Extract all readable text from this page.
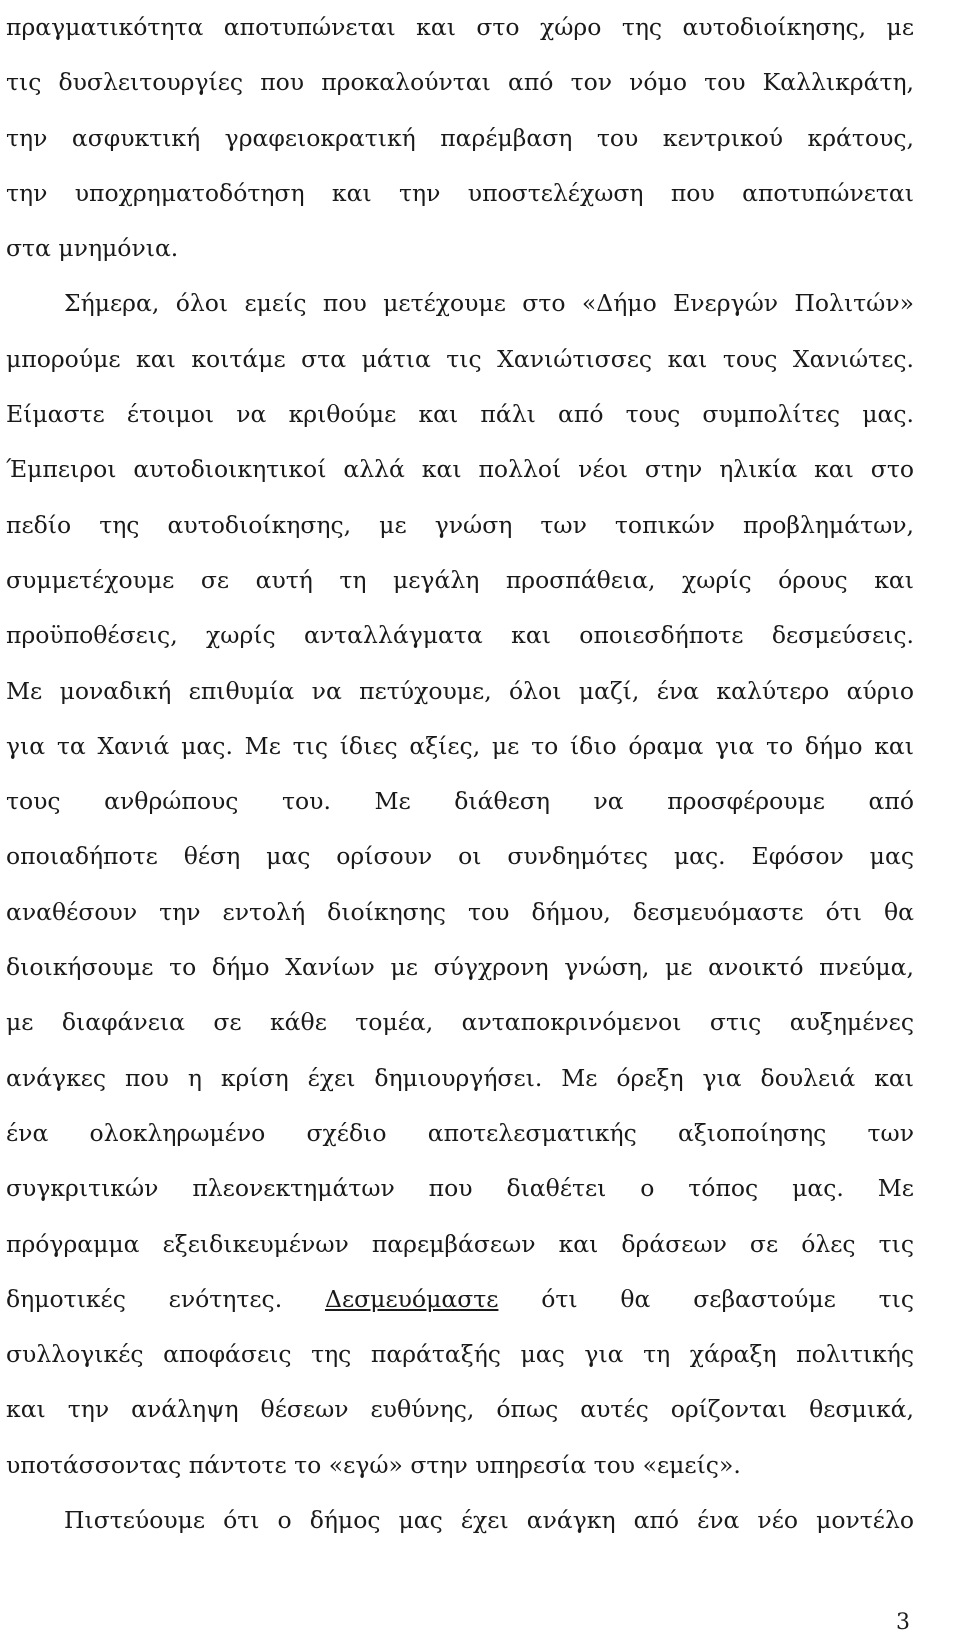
πραγματικότητα αποτυπώνεται και στο χώρο της αυτοδιοίκησης, με
τις δυσλειτουργίες που προκαλούνται από τον νόμο του Καλλικράτη,
την ασφυκτική γραφειοκρατική παρέμβαση του κεντρικού κράτους,
την υποχρηματοδότηση και την υποστελέχωση που αποτυπώνεται
στα μνημόνια.
Σήμερα, όλοι εμείς που μετέχουμε στο «Δήμο Ενεργών Πολιτών»
μπορούμε και κοιτάμε στα μάτια τις Χανιώτισσες και τους Χανιώτες.
Είμαστε έτοιμοι να κριθούμε και πάλι από τους συμπολίτες μας.
Έμπειροι αυτοδιοικητικοί αλλά και πολλοί νέοι στην ηλικία και στο
πεδίο της αυτοδιοίκησης, με γνώση των τοπικών προβλημάτων,
συμμετέχουμε σε αυτή τη μεγάλη προσπάθεια, χωρίς όρους και
προϋποθέσεις, χωρίς ανταλλάγματα και οποιεσδήποτε δεσμεύσεις.
Με μοναδική επιθυμία να πετύχουμε, όλοι μαζί, ένα καλύτερο αύριο
για τα Χανιά μας. Με τις ίδιες αξίες, με το ίδιο όραμα για το δήμο και
τους ανθρώπους του. Με διάθεση να προσφέρουμε από
οποιαδήποτε θέση μας ορίσουν οι συνδημότες μας. Εφόσον μας
αναθέσουν την εντολή διοίκησης του δήμου, δεσμευόμαστε ότι θα
διοικήσουμε το δήμο Χανίων με σύγχρονη γνώση, με ανοικτό πνεύμα,
με διαφάνεια σε κάθε τομέα, ανταποκρινόμενοι στις αυξημένες
ανάγκες που η κρίση έχει δημιουργήσει. Με όρεξη για δουλειά και
ένα ολοκληρωμένο σχέδιο αποτελεσματικής αξιοποίησης των
συγκριτικών πλεονεκτημάτων που διαθέτει ο τόπος μας. Με
πρόγραμμα εξειδικευμένων παρεμβάσεων και δράσεων σε όλες τις
δημοτικές ενότητες. Δεσμευόμαστε ότι θα σεβαστούμε τις
συλλογικές αποφάσεις της παράταξής μας για τη χάραξη πολιτικής
και την ανάληψη θέσεων ευθύνης, όπως αυτές ορίζονται θεσμικά,
υποτάσσοντας πάντοτε το «εγώ» στην υπηρεσία του «εμείς».
Πιστεύουμε ότι ο δήμος μας έχει ανάγκη από ένα νέο μοντέλο
3
